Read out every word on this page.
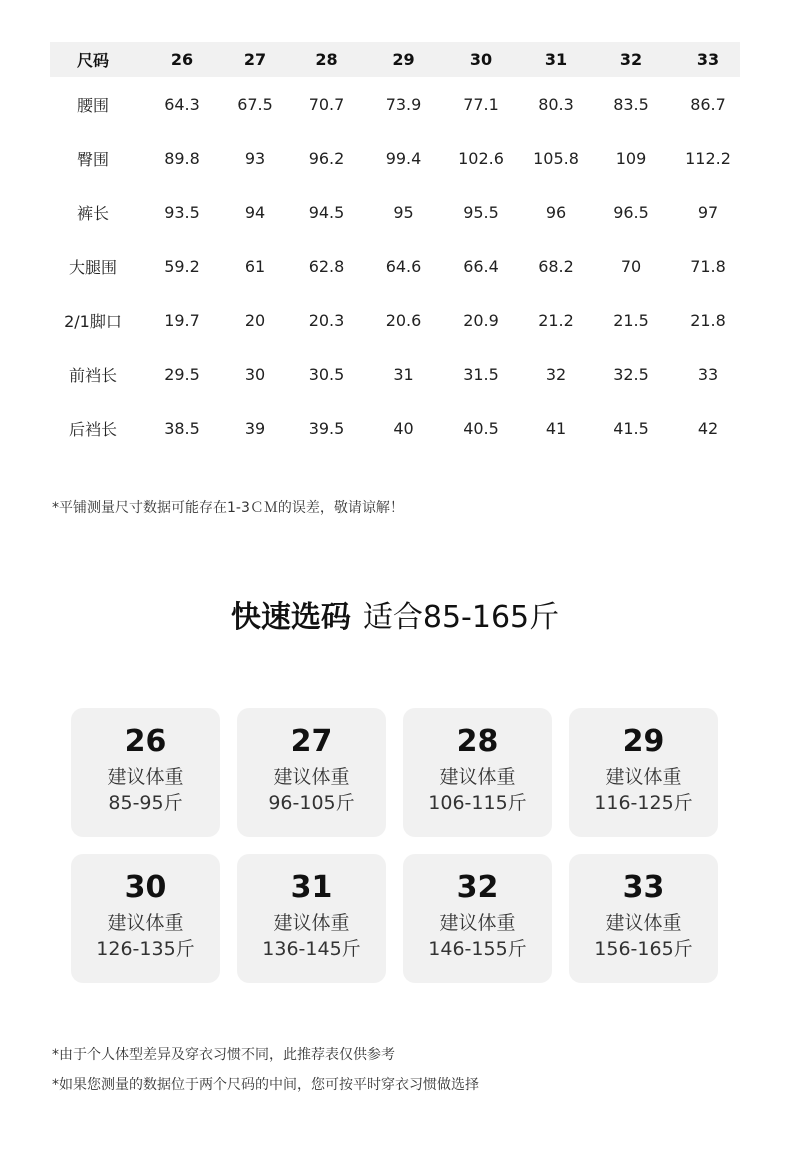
尺码	26	27	28	29	30	31	32	33
腰围	64.3	67.5	70.7	73.9	77.1	80.3	83.5	86.7
臀围	89.8	93	96.2	99.4	102.6	105.8	109	112.2
裤长	93.5	94	94.5	95	95.5	96	96.5	97
大腿围	59.2	61	62.8	64.6	66.4	68.2	70	71.8
2/1脚口	19.7	20	20.3	20.6	20.9	21.2	21.5	21.8
前裆长	29.5	30	30.5	31	31.5	32	32.5	33
后裆长	38.5	39	39.5	40	40.5	41	41.5	42
*平铺测量尺寸数据可能存在1-3ＣＭ的误差，敬请谅解！
快速选码 适合85-165斤
26
建议体重
85-95斤
27
建议体重
96-105斤
28
建议体重
106-115斤
29
建议体重
116-125斤
30
建议体重
126-135斤
31
建议体重
136-145斤
32
建议体重
146-155斤
33
建议体重
156-165斤
*由于个人体型差异及穿衣习惯不同，此推荐表仅供参考
*如果您测量的数据位于两个尺码的中间，您可按平时穿衣习惯做选择
